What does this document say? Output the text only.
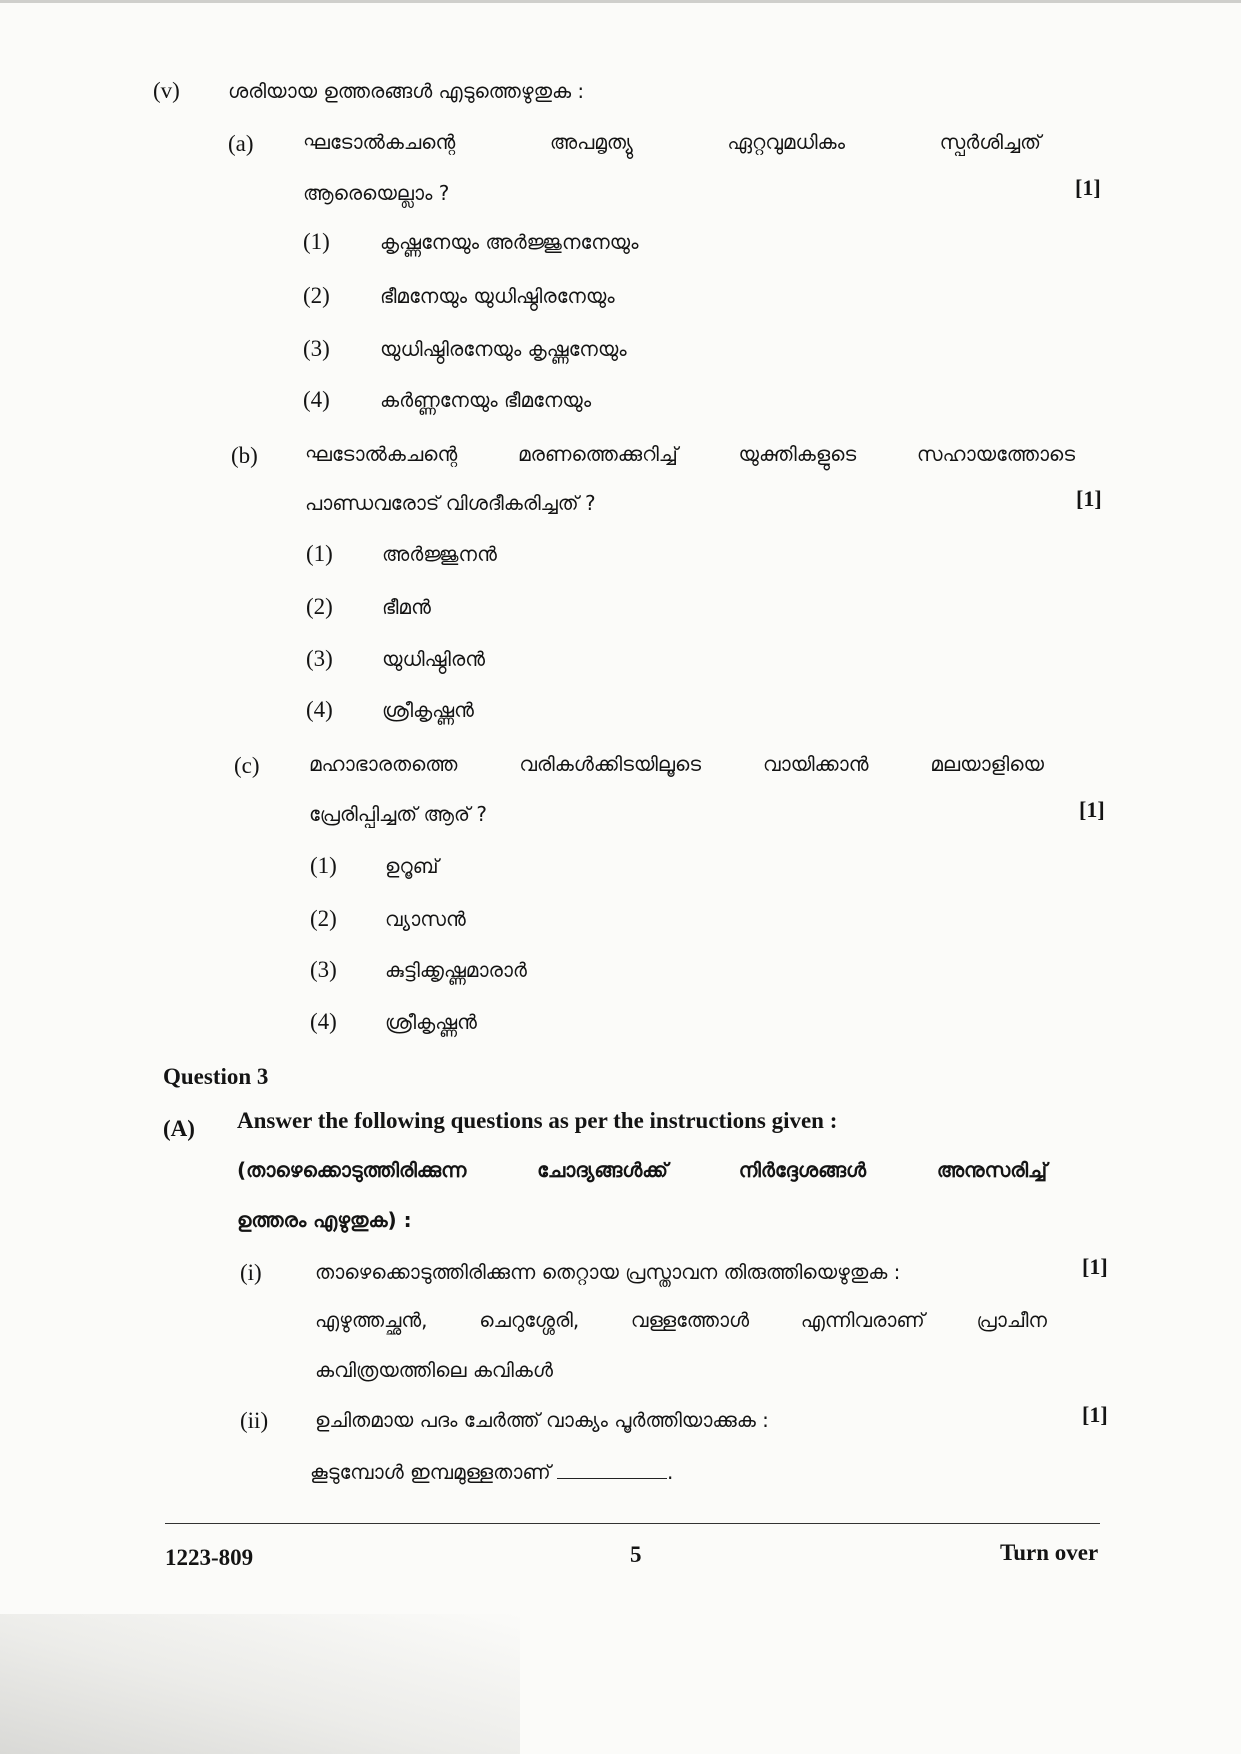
(v) ശരിയായ ഉത്തരങ്ങൾ എടുത്തെഴുതുക :
(a) ഘടോൽകചന്റെ	അപമൃത്യു	ഏറ്റവുമധികം	സ്പർശിച്ചത്
ആരെയെല്ലാം ?	[1]
(1)	കൃഷ്ണനേയും അർജ്ജുനനേയും
(2)	ഭീമനേയും യുധിഷ്ഠിരനേയും
(3)	യുധിഷ്ഠിരനേയും കൃഷ്ണനേയും
(4)	കർണ്ണനേയും ഭീമനേയും
(b) ഘടോൽകചന്റെ	മരണത്തെക്കുറിച്ച്	യുക്തികളുടെ	സഹായത്തോടെ
പാണ്ഡവരോട് വിശദീകരിച്ചത് ?	[1]
(1) അർജ്ജുനൻ
(2) ഭീമൻ
(3) യുധിഷ്ഠിരൻ
(4) ശ്രീകൃഷ്ണൻ
(c) മഹാഭാരതത്തെ	വരികൾക്കിടയിലൂടെ	വായിക്കാൻ	മലയാളിയെ
പ്രേരിപ്പിച്ചത് ആര് ?	[1]
(1) ഉറൂബ്
(2) വ്യാസൻ
(3) കുട്ടിക്കൃഷ്ണമാരാർ
(4) ശ്രീകൃഷ്ണൻ
Question 3
(A) Answer the following questions as per the instructions given :
(താഴെക്കൊടുത്തിരിക്കുന്ന	ചോദ്യങ്ങൾക്ക്	നിർദ്ദേശങ്ങൾ	അനുസരിച്ച്
ഉത്തരം എഴുതുക) :
(i)	താഴെക്കൊടുത്തിരിക്കുന്ന തെറ്റായ പ്രസ്താവന തിരുത്തിയെഴുതുക :	[1]
എഴുത്തച്ഛൻ,	ചെറുശ്ശേരി,	വള്ളത്തോൾ	എന്നിവരാണ്	പ്രാചീന
കവിത്രയത്തിലെ കവികൾ
(ii) ഉചിതമായ പദം ചേർത്ത് വാക്യം പൂർത്തിയാക്കുക :	[1]
കൂടുമ്പോൾ ഇമ്പമുള്ളതാണ്	.
1223-809	5	Turn over
